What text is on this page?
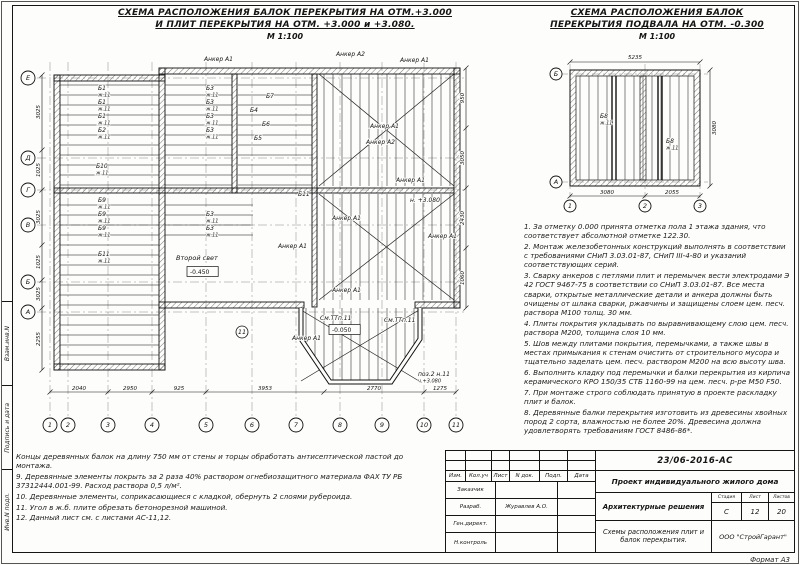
Взам.инв.N
Подпись и дата
Инв.N подл.
СХЕМА РАСПОЛОЖЕНИЯ БАЛОК ПЕРЕКРЫТИЯ НА ОТМ.+3.000
И ПЛИТ ПЕРЕКРЫТИЯ НА ОТМ. +3.000 и +3.080.
М 1:100
СХЕМА РАСПОЛОЖЕНИЯ БАЛОК
ПЕРЕКРЫТИЯ ПОДВАЛА НА ОТМ. -0.300
М 1:100
Анкер А1
Анкер А2
Анкер А1
Анкер А1
Анкер А2
Анкер А1
Анкер А1
Анкер А1
Анкер А1
Анкер А1
Анкер А1
Б1
ж.11
Б1
ж.11
Б1
ж.11
Б2
ж.11
Б10
ж.11
Б9
ж.11
Б9
ж.11
Б9
ж.11
Б11
ж.11
Б3
ж.11
Б3
ж.11
Б3
ж.11
Б3
ж.11
Б3
ж.11
Б3
ж.11
Б7
Б4
Б6
Б5
Б11
Второй свет
-0.450
-0.050
См.ТТп.11	См.ТТп.11
н. +3.080
поз.2 н.11
ч.+3.080
11
2040	2950	925	3953	2770	1275
3025
1025
3025
1025
3025
2255
950
3050
2430
1060
1 2	3	4	5	6	7	8	9	10	11
Е
Д
Г
В
Б
А
Б8
ж.11
Б8
ж.11
5235
3080	2055
3080
1	2	3
Б
А

1. За отметку 0.000 принята отметка пола 1 этажа здания, что соответствует абсолютной отметке 122.30.

2. Монтаж железобетонных конструкций выполнять в соответствии с требованиями СНиП 3.03.01-87, СНиП III-4-80 и указаний соответствующих серий.

3. Сварку анкеров с петлями плит и перемычек вести электродами Э 42 ГОСТ 9467-75 в соответствии со СНиП 3.03.01-87. Все места сварки, открытые металлические детали и анкера должны быть очищены от шлака сварки, ржавчины и защищены слоем цем. песч. раствора М100 толщ. 30 мм.

4. Плиты покрытия укладывать по выравнивающему слою цем. песч. раствора М200, толщина слоя 10 мм.

5. Шов между плитами покрытия, перемычками, а также швы в местах примыкания к стенам очистить от строительного мусора и тщательно заделать цем. песч. раствором М200 на всю высоту шва.

6. Выполнить кладку под перемычки и балки перекрытия из кирпича керамического КРО 150/35 СТБ 1160-99 на цем. песч. р-ре М50 F50.

7. При монтаже строго соблюдать принятую в проекте раскладку плит и балок.

8. Деревянные балки перекрытия изготовить из древесины хвойных пород 2 сорта, влажностью не более 20%. Древесина должна удовлетворять требованиям ГОСТ 8486-86*.

Концы деревянных балок на длину 750 мм от стены и торцы обработать антисептической пастой до монтажа.

9. Деревянные элементы покрыть за 2 раза 40% раствором огнебиозащитного материала ФАХ ТУ РБ 37312444.001-99. Расход раствора 0,5 л/м².

10. Деревянные элементы, соприкасающиеся с кладкой, обернуть 2 слоями рубероида.

11. Угол в ж.б. плите обрезать бетонорезной машиной.

12. Данный лист см. с листами АС-11,12.

Изм.	Кол.уч	Лист	N док.	Подп.	Дата
Заказчик
Разраб.	Журавлев А.О.
Ген.директ.
Н.контроль
23/06-2016-АС
Проект индивидуального жилого дома
Архитектурные решения
Стадия	Лист	Листов
С	12	20
Схемы расположения плит и балок перекрытия.	ООО "СтройГарант"
Формат А3
